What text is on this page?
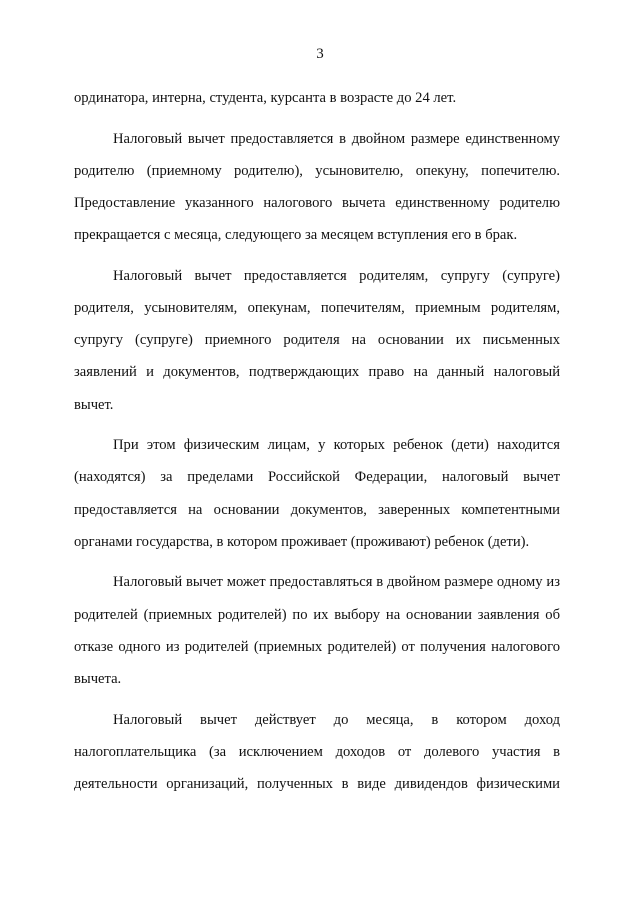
3

ординатора, интерна, студента, курсанта в возрасте до 24 лет.

Налоговый вычет предоставляется в двойном размере единственному родителю (приемному родителю), усыновителю, опекуну, попечителю. Предоставление указанного налогового вычета единственному родителю прекращается с месяца, следующего за месяцем вступления его в брак.

Налоговый вычет предоставляется родителям, супругу (супруге) родителя, усыновителям, опекунам, попечителям, приемным родителям, супругу (супруге) приемного родителя на основании их письменных заявлений и документов, подтверждающих право на данный налоговый вычет.

При этом физическим лицам, у которых ребенок (дети) находится (находятся) за пределами Российской Федерации, налоговый вычет предоставляется на основании документов, заверенных компетентными органами государства, в котором проживает (проживают) ребенок (дети).

Налоговый вычет может предоставляться в двойном размере одному из родителей (приемных родителей) по их выбору на основании заявления об отказе одного из родителей (приемных родителей) от получения налогового вычета.

Налоговый вычет действует до месяца, в котором доход налогоплательщика (за исключением доходов от долевого участия в деятельности организаций, полученных в виде дивидендов физическими
